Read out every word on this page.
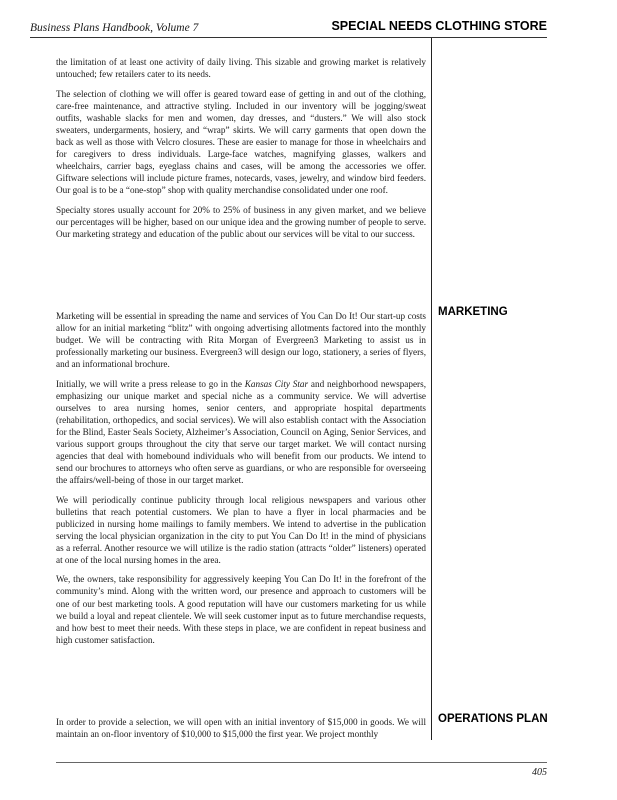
Business Plans Handbook, Volume 7	SPECIAL NEEDS CLOTHING STORE

the limitation of at least one activity of daily living. This sizable and growing market is relatively untouched; few retailers cater to its needs.

The selection of clothing we will offer is geared toward ease of getting in and out of the clothing, care-free maintenance, and attractive styling. Included in our inventory will be jogging/sweat outfits, washable slacks for men and women, day dresses, and “dusters.” We will also stock sweaters, undergarments, hosiery, and “wrap” skirts. We will carry garments that open down the back as well as those with Velcro closures. These are easier to manage for those in wheelchairs and for caregivers to dress individuals. Large-face watches, magnifying glasses, walkers and wheelchairs, carrier bags, eyeglass chains and cases, will be among the accessories we offer. Giftware selections will include picture frames, notecards, vases, jewelry, and window bird feeders. Our goal is to be a “one-stop” shop with quality merchandise consolidated under one roof.

Specialty stores usually account for 20% to 25% of business in any given market, and we believe our percentages will be higher, based on our unique idea and the growing number of people to serve. Our marketing strategy and education of the public about our services will be vital to our success.

MARKETING

Marketing will be essential in spreading the name and services of You Can Do It! Our start-up costs allow for an initial marketing “blitz” with ongoing advertising allotments factored into the monthly budget. We will be contracting with Rita Morgan of Evergreen3 Marketing to assist us in professionally marketing our business. Evergreen3 will design our logo, stationery, a series of flyers, and an informational brochure.

Initially, we will write a press release to go in the Kansas City Star and neighborhood newspapers, emphasizing our unique market and special niche as a community service. We will advertise ourselves to area nursing homes, senior centers, and appropriate hospital departments (rehabilitation, orthopedics, and social services). We will also establish contact with the Association for the Blind, Easter Seals Society, Alzheimer’s Association, Council on Aging, Senior Services, and various support groups throughout the city that serve our target market. We will contact nursing agencies that deal with homebound individuals who will benefit from our products. We intend to send our brochures to attorneys who often serve as guardians, or who are responsible for overseeing the affairs/well-being of those in our target market.

We will periodically continue publicity through local religious newspapers and various other bulletins that reach potential customers. We plan to have a flyer in local pharmacies and be publicized in nursing home mailings to family members. We intend to advertise in the publication serving the local physician organization in the city to put You Can Do It! in the mind of physicians as a referral. Another resource we will utilize is the radio station (attracts “older” listeners) operated at one of the local nursing homes in the area.

We, the owners, take responsibility for aggressively keeping You Can Do It! in the forefront of the community’s mind. Along with the written word, our presence and approach to customers will be one of our best marketing tools. A good reputation will have our customers marketing for us while we build a loyal and repeat clientele. We will seek customer input as to future merchandise requests, and how best to meet their needs. With these steps in place, we are confident in repeat business and high customer satisfaction.

OPERATIONS PLAN

In order to provide a selection, we will open with an initial inventory of $15,000 in goods. We will maintain an on-floor inventory of $10,000 to $15,000 the first year. We project monthly

405
